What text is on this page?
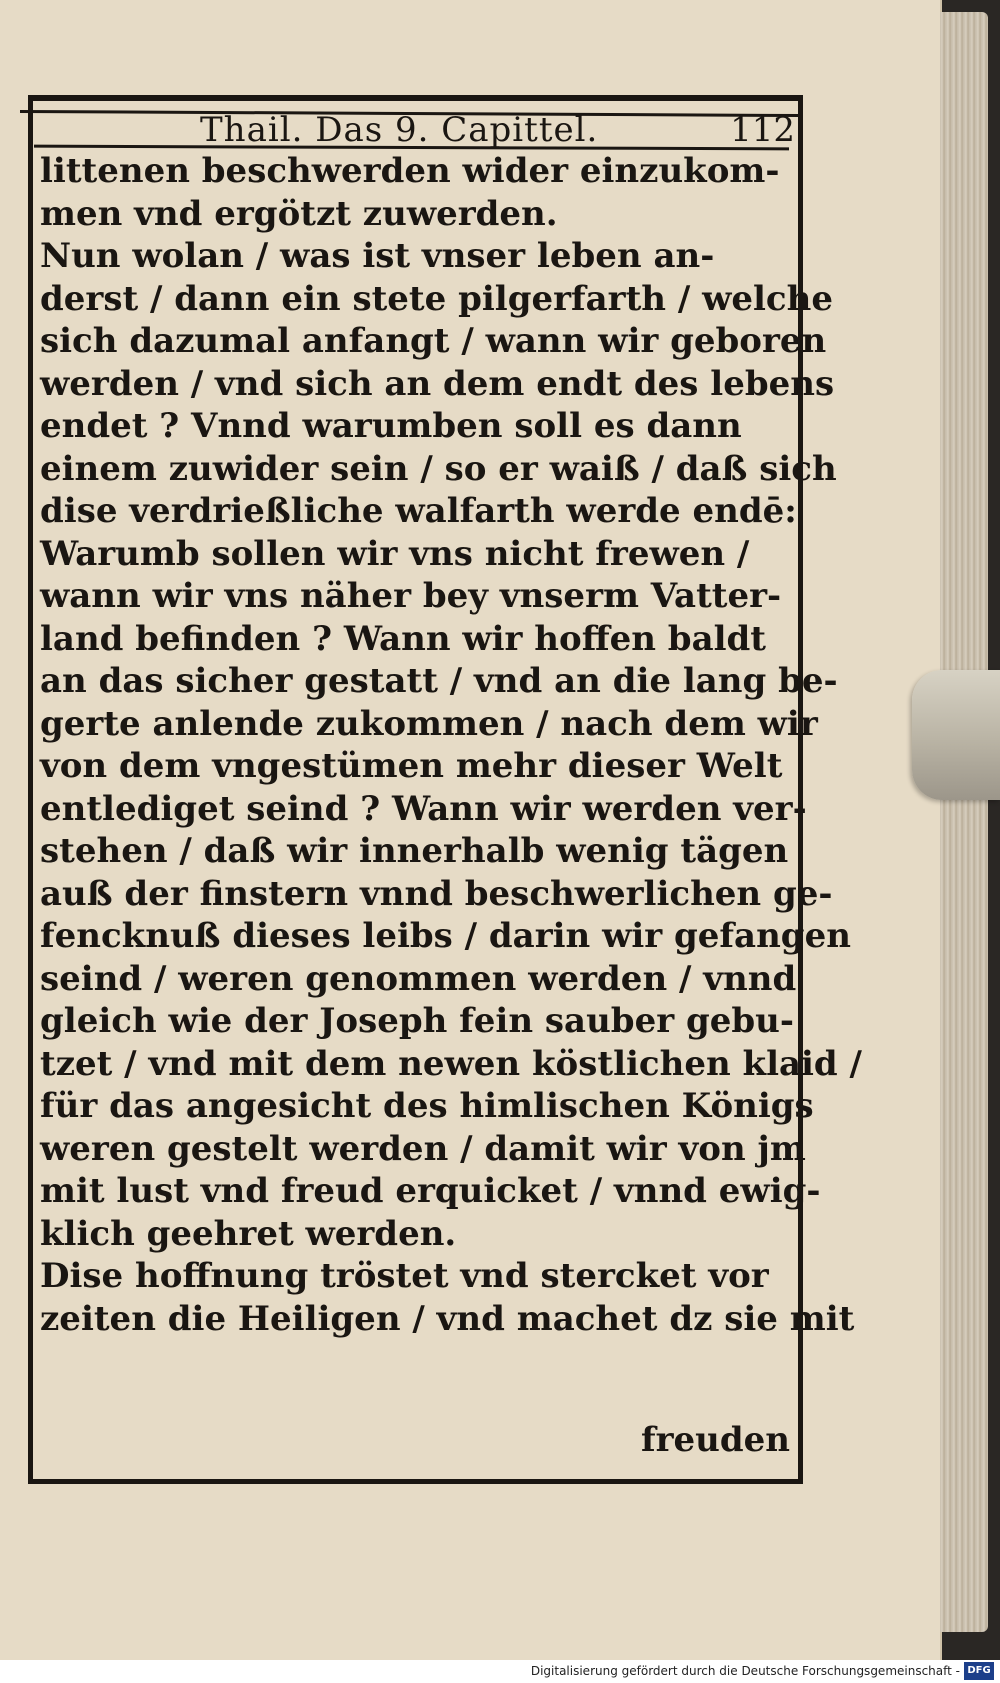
Thail. Das 9. Capittel.	112
littenen beschwerden wider einzukom-
men vnd ergötzt zuwerden.
Nun wolan / was ist vnser leben an-
derst / dann ein stete pilgerfarth / welche
sich dazumal anfangt / wann wir geboren
werden / vnd sich an dem endt des lebens
endet ? Vnnd warumben soll es dann
einem zuwider sein / so er waiß / daß sich
dise verdrießliche walfarth werde endē:
Warumb sollen wir vns nicht frewen /
wann wir vns näher bey vnserm Vatter-
land befinden ? Wann wir hoffen baldt
an das sicher gestatt / vnd an die lang be-
gerte anlende zukommen / nach dem wir
von dem vngestümen mehr dieser Welt
entlediget seind ? Wann wir werden ver-
stehen / daß wir innerhalb wenig tägen
auß der finstern vnnd beschwerlichen ge-
fencknuß dieses leibs / darin wir gefangen
seind / weren genommen werden / vnnd
gleich wie der Joseph fein sauber gebu-
tzet / vnd mit dem newen köstlichen klaid /
für das angesicht des himlischen Königs
weren gestelt werden / damit wir von jm
mit lust vnd freud erquicket / vnnd ewig-
klich geehret werden.
Dise hoffnung tröstet vnd stercket vor
zeiten die Heiligen / vnd machet dz sie mit
freuden
Digitalisierung gefördert durch die Deutsche Forschungsgemeinschaft - DFG
